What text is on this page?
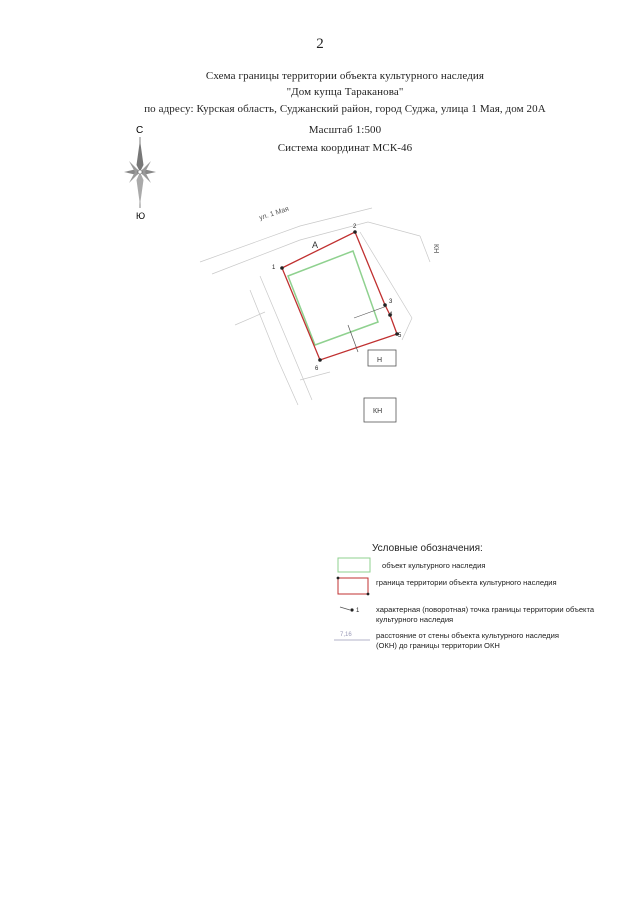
2
Схема границы территории объекта культурного наследия
"Дом купца Тараканова"
по адресу: Курская область, Суджанский район, город Суджа, улица 1 Мая, дом 20А
Масштаб 1:500
Система координат МСК-46
С
Ю	ул. 1 Мая
А	КН
1
2
3
4
5
6
Н
КН
1
7,16
Условные обозначения:
объект культурного наследия
граница территории объекта культурного наследия
характерная (поворотная) точка границы территории объекта культурного наследия
расстояние от стены объекта культурного наследия (ОКН) до границы территории ОКН
